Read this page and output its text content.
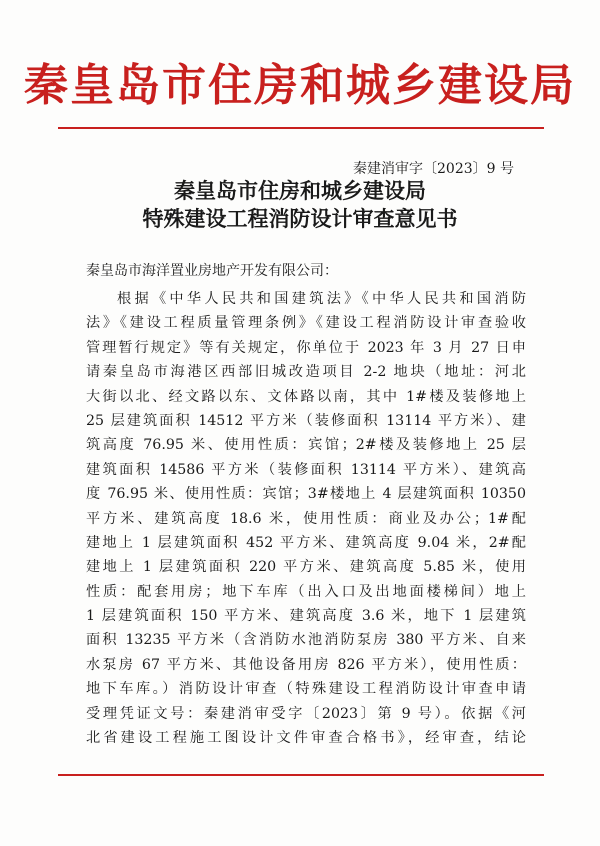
秦皇岛市住房和城乡建设局
秦建消审字〔2023〕9 号
秦皇岛市住房和城乡建设局
特殊建设工程消防设计审查意见书
秦皇岛市海洋置业房地产开发有限公司：
根据《中华人民共和国建筑法》《中华人民共和国消防
法》《建设工程质量管理条例》《建设工程消防设计审查验收
管理暂行规定》等有关规定，你单位于 2023 年 3 月 27 日申
请秦皇岛市海港区西部旧城改造项目 2-2 地块（地址：河北
大街以北、经文路以东、文体路以南，其中 1#楼及装修地上
25 层建筑面积 14512 平方米（装修面积 13114 平方米）、建
筑高度 76.95 米、使用性质：宾馆；2#楼及装修地上 25 层
建筑面积 14586 平方米（装修面积 13114 平方米）、建筑高
度 76.95 米、使用性质：宾馆；3#楼地上 4 层建筑面积 10350
平方米、建筑高度 18.6 米，使用性质：商业及办公；1#配
建地上 1 层建筑面积 452 平方米、建筑高度 9.04 米，2#配
建地上 1 层建筑面积 220 平方米、建筑高度 5.85 米，使用
性质：配套用房；地下车库（出入口及出地面楼梯间）地上
1 层建筑面积 150 平方米、建筑高度 3.6 米，地下 1 层建筑
面积 13235 平方米（含消防水池消防泵房 380 平方米、自来
水泵房 67 平方米、其他设备用房 826 平方米），使用性质：
地下车库。）消防设计审查（特殊建设工程消防设计审查申请
受理凭证文号：秦建消审受字〔2023〕第 9 号）。依据《河
北省建设工程施工图设计文件审查合格书》，经审查，结论
